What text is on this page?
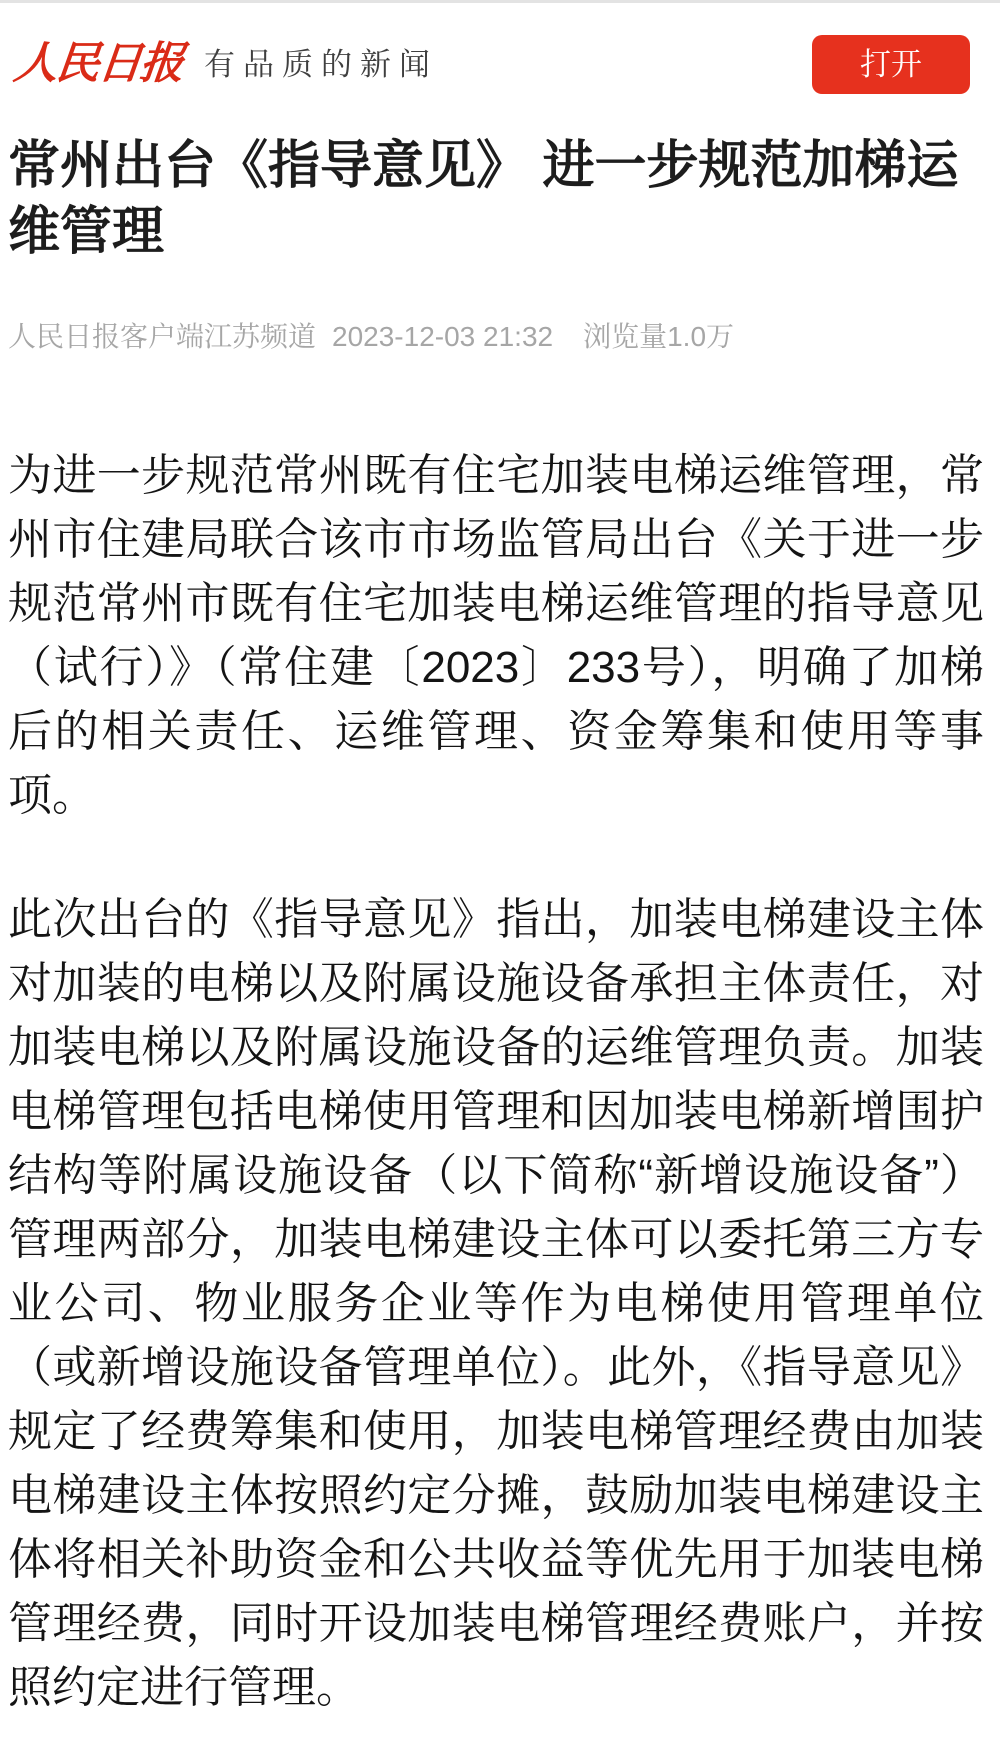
人民日报 有品质的新闻	打开
常州出台《指导意见》 进一步规范加梯运维管理
人民日报客户端江苏频道 2023-12-03 21:32 浏览量1.0万

为进一步规范常州既有住宅加装电梯运维管理，常州市住建局联合该市市场监管局出台《关于进一步规范常州市既有住宅加装电梯运维管理的指导意见（试行）》（常住建〔2023〕233号），明确了加梯后的相关责任、运维管理、资金筹集和使用等事项。

此次出台的《指导意见》指出，加装电梯建设主体对加装的电梯以及附属设施设备承担主体责任，对加装电梯以及附属设施设备的运维管理负责。加装电梯管理包括电梯使用管理和因加装电梯新增围护结构等附属设施设备（以下简称“新增设施设备”）管理两部分，加装电梯建设主体可以委托第三方专业公司、物业服务企业等作为电梯使用管理单位（或新增设施设备管理单位）。此外，《指导意见》规定了经费筹集和使用，加装电梯管理经费由加装电梯建设主体按照约定分摊，鼓励加装电梯建设主体将相关补助资金和公共收益等优先用于加装电梯管理经费，同时开设加装电梯管理经费账户，并按照约定进行管理。
